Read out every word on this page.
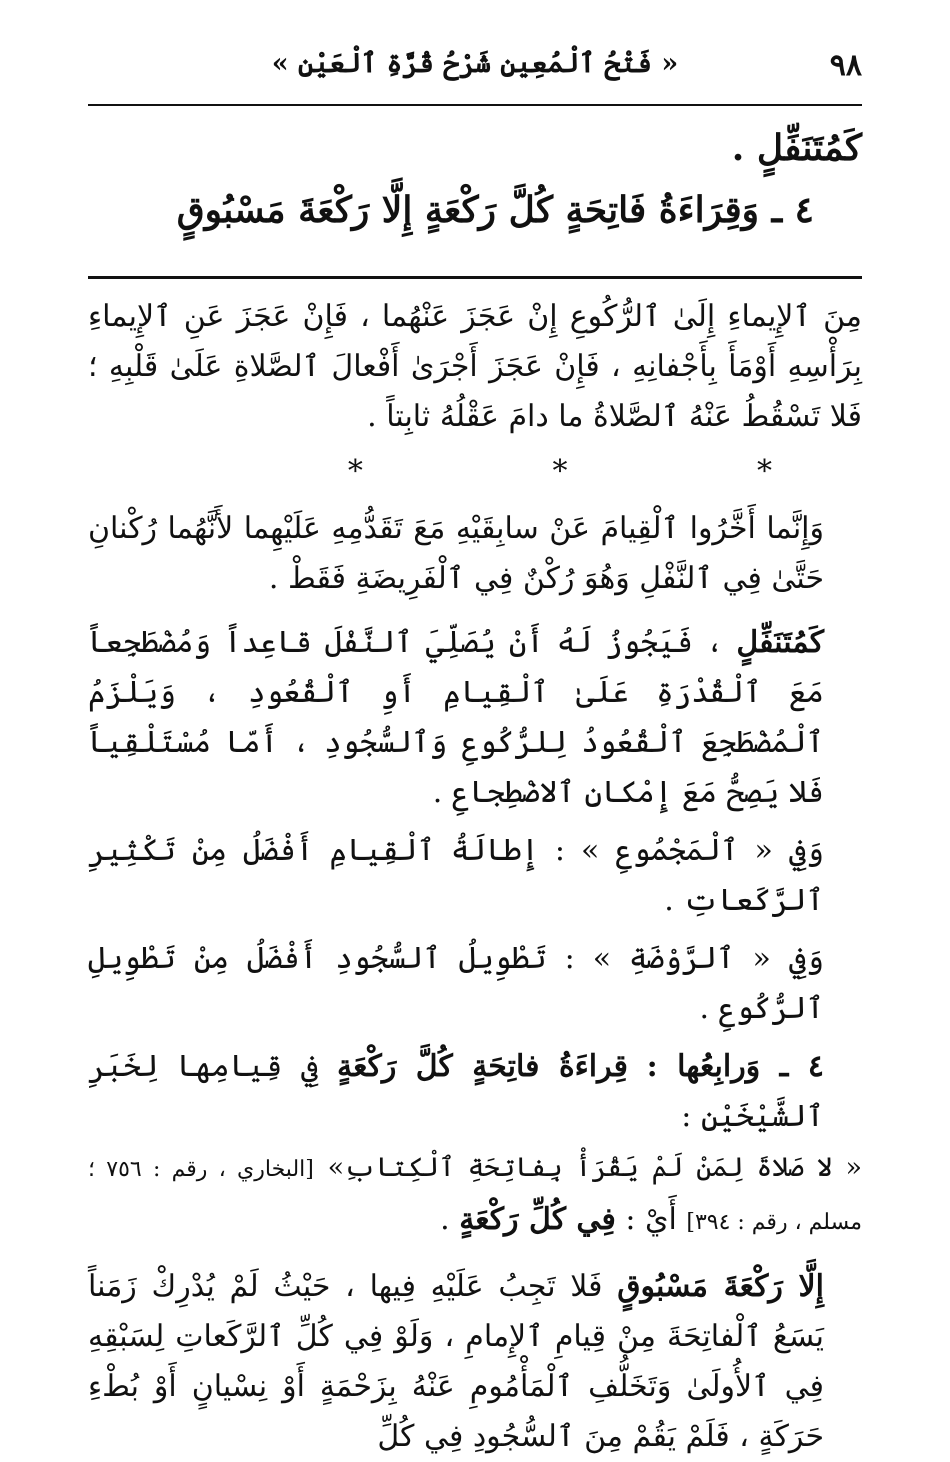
٩٨
« فَتْحُ ٱلْمُعِينِ شَرْحُ قُرَّةِ ٱلْعَيْنِ »
كَمُتَنَفِّلٍ .
٤ ـ وَقِرَاءَةُ فَاتِحَةٍ كُلَّ رَكْعَةٍ إِلَّا رَكْعَةَ مَسْبُوقٍ

مِنَ ٱلإِيماءِ إِلَىٰ ٱلرُّكُوعِ إِنْ عَجَزَ عَنْهُما ، فَإِنْ عَجَزَ عَنِ ٱلإِيماءِ بِرَأْسِهِ أَوْمَأَ بِأَجْفانِهِ ، فَإِنْ عَجَزَ أَجْرَىٰ أَفْعالَ ٱلصَّلاةِ عَلَىٰ قَلْبِهِ ؛ فَلا تَسْقُطُ عَنْهُ ٱلصَّلاةُ ما دامَ عَقْلُهُ ثابِتاً .

* * *

وَإِنَّما أَخَّرُوا ٱلْقِيامَ عَنْ سابِقَيْهِ مَعَ تَقَدُّمِهِ عَلَيْهِما لأَنَّهُما رُكْنانِ حَتَّىٰ فِي ٱلنَّفْلِ وَهُوَ رُكْنٌ فِي ٱلْفَرِيضَةِ فَقَطْ .

كَمُتَنَفِّلٍ ، فَيَجُوزُ لَهُ أَنْ يُصَلِّيَ ٱلنَّفْلَ قاعِداً وَمُضْطَجِعاً مَعَ ٱلْقُدْرَةِ عَلَىٰ ٱلْقِيامِ أَوِ ٱلْقُعُودِ ، وَيَلْزَمُ ٱلْمُضْطَجِعَ ٱلْقُعُودُ لِلرُّكُوعِ وَٱلسُّجُودِ ، أَمّا مُسْتَلْقِياً فَلا يَصِحُّ مَعَ إِمْكانِ ٱلاضْطِجاعِ .

وَفِي « ٱلْمَجْمُوعِ » : إِطالَةُ ٱلْقِيامِ أَفْضَلُ مِنْ تَكْثِيرِ ٱلرَّكَعاتِ .

وَفِي « ٱلرَّوْضَةِ » : تَطْوِيلُ ٱلسُّجُودِ أَفْضَلُ مِنْ تَطْوِيلِ ٱلرُّكُوعِ .

٤ ـ وَرابِعُها : قِراءَةُ فاتِحَةٍ كُلَّ رَكْعَةٍ فِي قِيامِها لِخَبَرِ ٱلشَّيْخَيْنِ :

« لا صَلاةَ لِمَنْ لَمْ يَقْرَأْ بِفاتِحَةِ ٱلْكِتابِ» [البخاري ، رقم : ٧٥٦ ؛ مسلم ، رقم : ٣٩٤] أَيْ : فِي كُلِّ رَكْعَةٍ .

إِلَّا رَكْعَةَ مَسْبُوقٍ فَلا تَجِبُ عَلَيْهِ فِيها ، حَيْثُ لَمْ يُدْرِكْ زَمَناً يَسَعُ ٱلْفاتِحَةَ مِنْ قِيامِ ٱلإِمامِ ، وَلَوْ فِي كُلِّ ٱلرَّكَعاتِ لِسَبْقِهِ فِي ٱلأُولَىٰ وَتَخَلُّفِ ٱلْمَأْمُومِ عَنْهُ بِزَحْمَةٍ أَوْ نِسْيانٍ أَوْ بُطْءِ حَرَكَةٍ ، فَلَمْ يَقُمْ مِنَ ٱلسُّجُودِ فِي كُلِّ
